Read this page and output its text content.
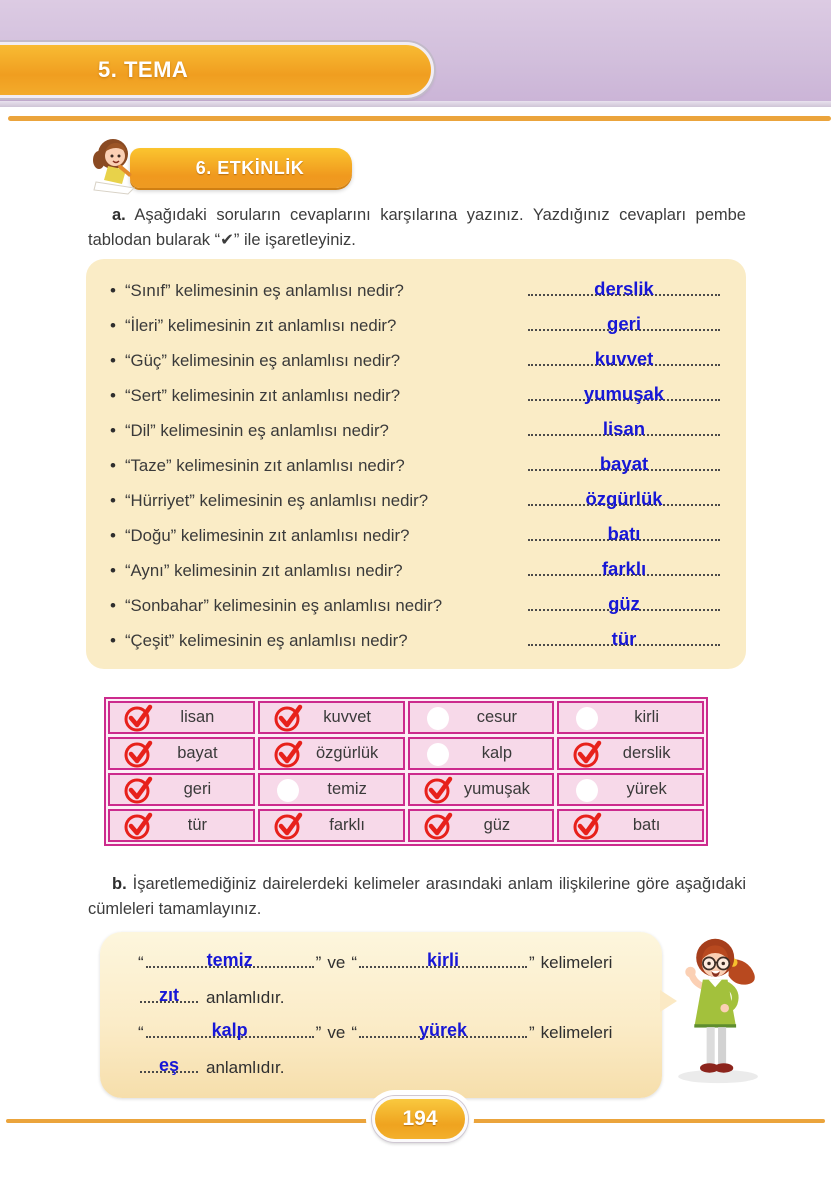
5. TEMA
6. ETKİNLİK

a. Aşağıdaki soruların cevaplarını karşılarına yazınız. Yazdığınız cevapları pembe tablodan bularak “✔” ile işaretleyiniz.

• “Sınıf” kelimesinin eş anlamlısı nedir?	derslik
• “İleri” kelimesinin zıt anlamlısı nedir?	geri
• “Güç” kelimesinin eş anlamlısı nedir?	kuvvet
• “Sert” kelimesinin zıt anlamlısı nedir?	yumuşak
• “Dil” kelimesinin eş anlamlısı nedir?	lisan
• “Taze” kelimesinin zıt anlamlısı nedir?	bayat
• “Hürriyet” kelimesinin eş anlamlısı nedir?	özgürlük
• “Doğu” kelimesinin zıt anlamlısı nedir?	batı
• “Aynı” kelimesinin zıt anlamlısı nedir?	farklı
• “Sonbahar” kelimesinin eş anlamlısı nedir?	güz
• “Çeşit” kelimesinin eş anlamlısı nedir?	tür
lisan	kuvvet	cesur	kirli
bayat	özgürlük	kalp	derslik
geri	temiz	yumuşak	yürek
tür	farklı	güz	batı

b. İşaretlemediğiniz dairelerdeki kelimeler arasındaki anlam ilişkilerine göre aşağıdaki cümleleri tamamlayınız.

“	temiz	” ve “	kirli	” kelimeleri
zıt	anlamlıdır.
“	kalp	” ve “	yürek	” kelimeleri
eş	anlamlıdır.
194
